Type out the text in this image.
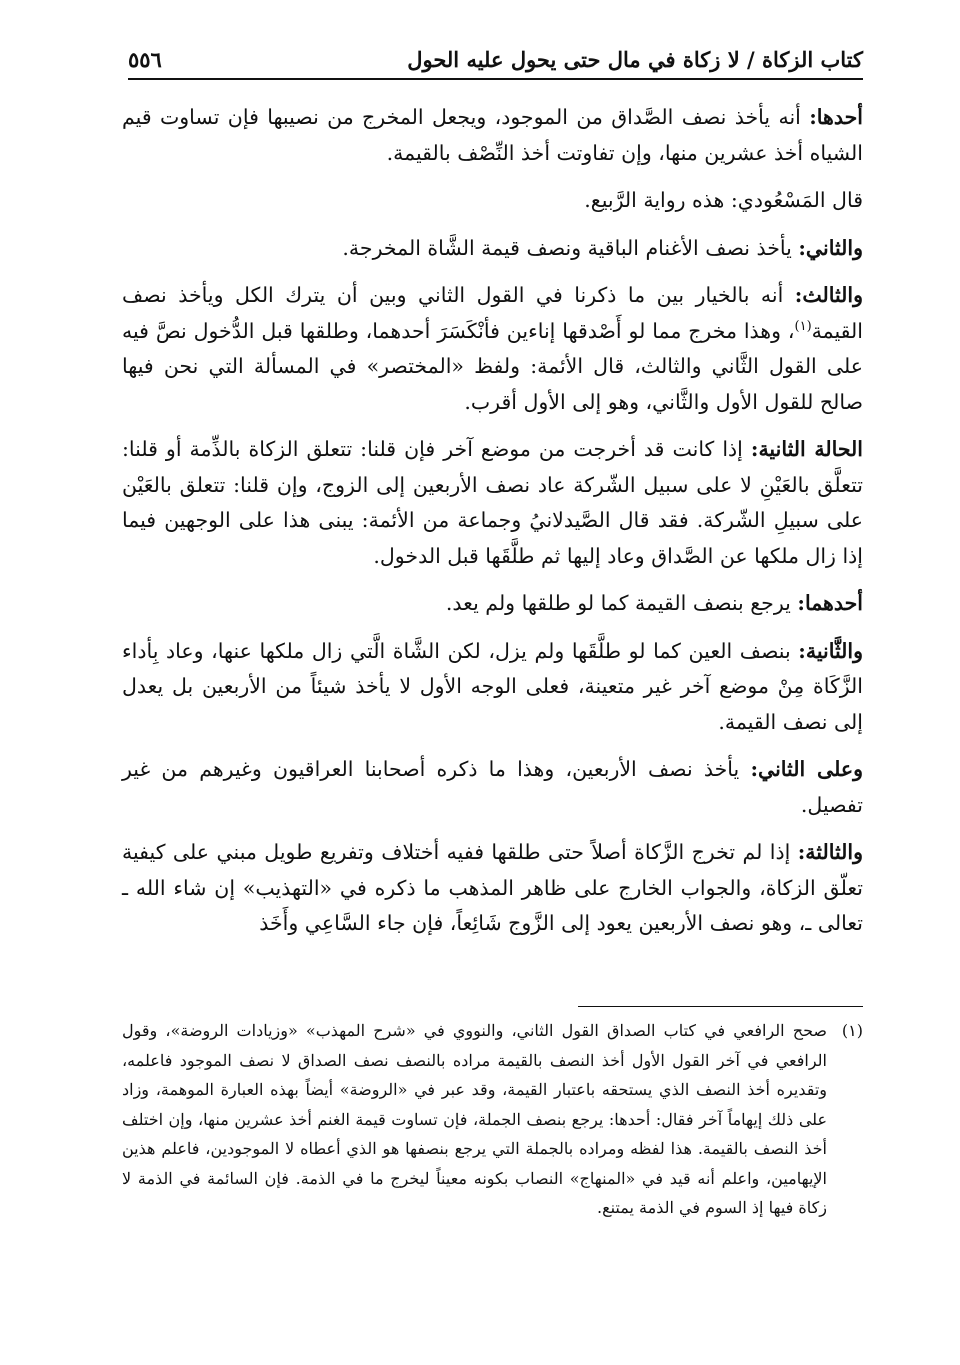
كتاب الزكاة / لا زكاة في مال حتى يحول عليه الحول
٥٥٦

أحدها: أنه يأخذ نصف الصَّداق من الموجود، ويجعل المخرج من نصيبها فإن تساوت قيم الشياه أخذ عشرين منها، وإن تفاوتت أخذ النِّصْف بالقيمة.

قال المَسْعُودي: هذه رواية الرَّبيع.

والثاني: يأخذ نصف الأغنام الباقية ونصف قيمة الشَّاة المخرجة.

والثالث: أنه بالخيار بين ما ذكرنا في القول الثاني وبين أن يترك الكل ويأخذ نصف القيمة$^{(١)}$، وهذا مخرج مما لو أَصْدقها إناءين فأنْكَسَرَ أحدهما، وطلقها قبل الدُّخول نصَّ فيه على القول الثَّاني والثالث، قال الأئمة: ولفظ «المختصر» في المسألة التي نحن فيها صالح للقول الأول والثَّاني، وهو إلى الأول أقرب.

الحالة الثانية: إذا كانت قد أخرجت من موضع آخر فإن قلنا: تتعلق الزكاة بالذِّمة أو قلنا: تتعلَّق بالعَيْنِ لا على سبيل الشّركة عاد نصف الأربعين إلى الزوج، وإن قلنا: تتعلق بالعَيْن على سبيلِ الشّركة. فقد قال الصَّيدلانيُ وجماعة من الأئمة: يبنى هذا على الوجهين فيما إذا زال ملكها عن الصَّداق وعاد إليها ثم طلَّقَها قبل الدخول.

أحدهما: يرجع بنصف القيمة كما لو طلقها ولم يعد.

والثَّانية: بنصف العين كما لو طلَّقَها ولم يزل، لكن الشَّاة الَّتي زال ملكها عنها، وعاد بِأداء الزَّكَاة مِنْ موضع آخر غير متعينة، فعلى الوجه الأول لا يأخذ شيئاً من الأربعين بل يعدل إلى نصف القيمة.

وعلى الثاني: يأخذ نصف الأربعين، وهذا ما ذكره أصحابنا العراقيون وغيرهم من غير تفصيل.

والثالثة: إذا لم تخرج الزَّكاة أصلاً حتى طلقها ففيه أختلاف وتفريع طويل مبني على كيفية تعلّق الزكاة، والجواب الخارج على ظاهر المذهب ما ذكره في «التهذيب» إن شاء الله ـ تعالى ـ، وهو نصف الأربعين يعود إلى الزَّوج شَائِعاً، فإن جاء السَّاعِي وأَخَذ

(١)
صحح الرافعي في كتاب الصداق القول الثاني، والنووي في «شرح المهذب» «وزيادات الروضة»، وقول الرافعي في آخر القول الأول أخذ النصف بالقيمة مراده بالنصف نصف الصداق لا نصف الموجود فاعلمه، وتقديره أخذ النصف الذي يستحقه باعتبار القيمة، وقد عبر في «الروضة» أيضاً بهذه العبارة الموهمة، وزاد على ذلك إيهاماً آخر فقال: أحدها: يرجع بنصف الجملة، فإن تساوت قيمة الغنم أخذ عشرين منها، وإن اختلف أخذ النصف بالقيمة. هذا لفظه ومراده بالجملة التي يرجع بنصفها هو الذي أعطاه لا الموجودين، فاعلم هذين الإيهامين، واعلم أنه قيد في «المنهاج» النصاب بكونه معيناً ليخرج ما في الذمة. فإن السائمة في الذمة لا زكاة فيها إذ السوم في الذمة يمتنع.
